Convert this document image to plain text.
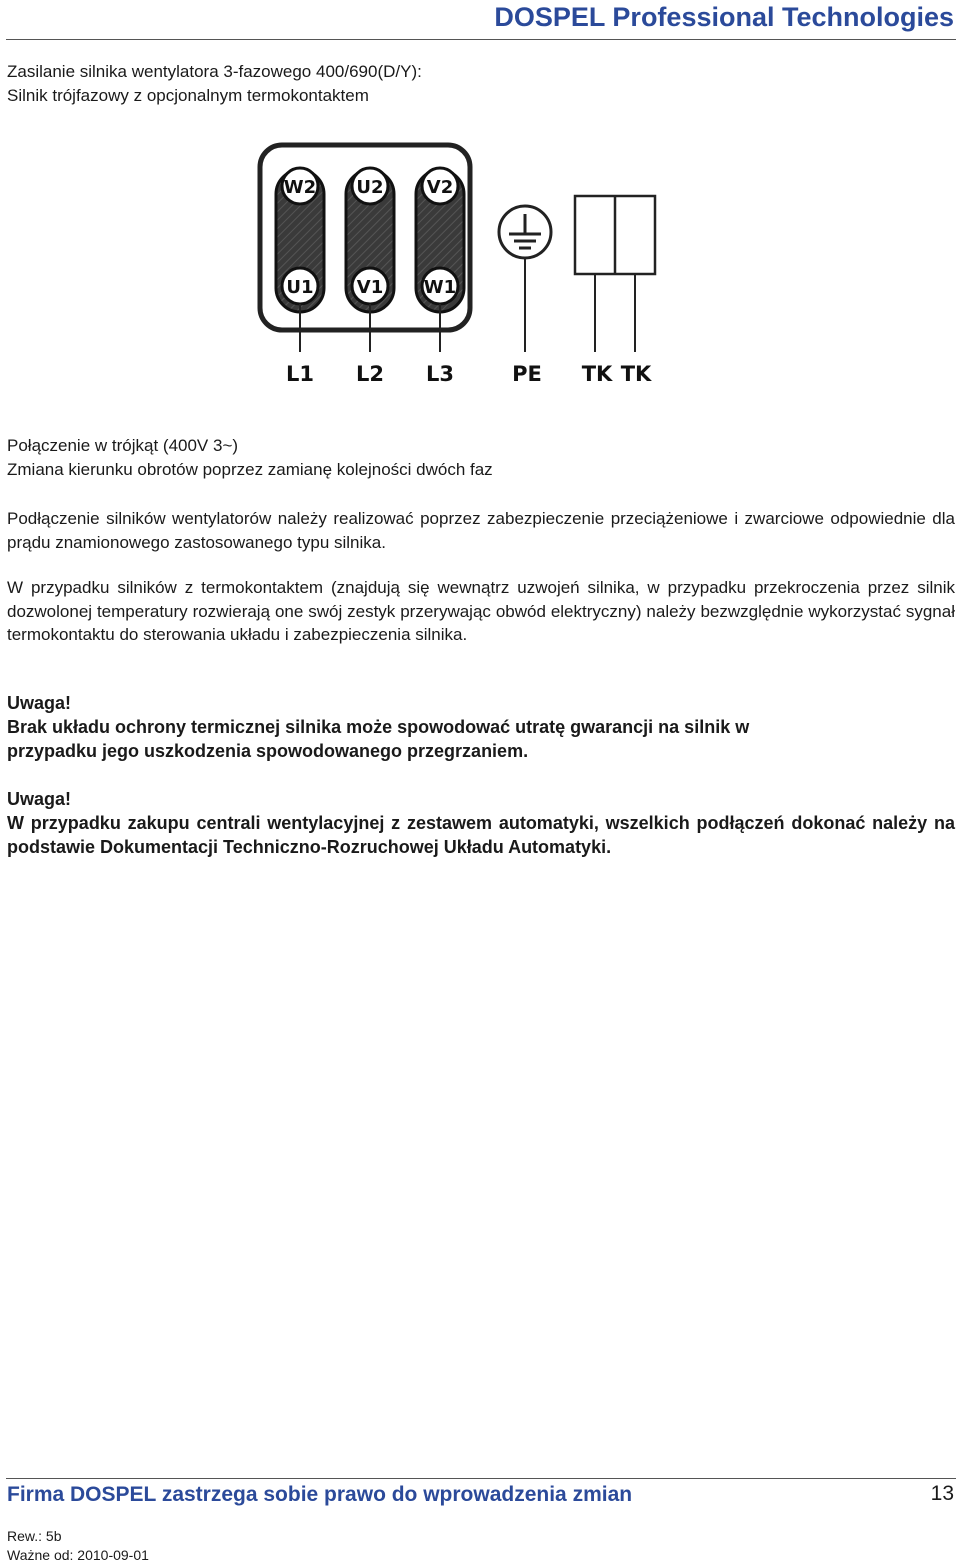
DOSPEL Professional Technologies
Zasilanie silnika wentylatora 3-fazowego 400/690(D/Y):
Silnik trójfazowy z opcjonalnym termokontaktem
W2
U1
U2
V1
V2
W1
L1 L2 L3	PE TK TK
Połączenie w trójkąt (400V 3~)
Zmiana kierunku obrotów poprzez zamianę kolejności dwóch faz
Podłączenie silników wentylatorów należy realizować poprzez zabezpieczenie przeciążeniowe i zwarciowe odpowiednie dla prądu znamionowego zastosowanego typu silnika.
W przypadku silników z termokontaktem (znajdują się wewnątrz uzwojeń silnika, w przypadku przekroczenia przez silnik dozwolonej temperatury rozwierają one swój zestyk przerywając obwód elektryczny) należy bezwzględnie wykorzystać sygnał termokontaktu do sterowania układu i zabezpieczenia silnika.
Uwaga!
Brak układu ochrony termicznej silnika może spowodować utratę gwarancji na silnik w przypadku jego uszkodzenia spowodowanego przegrzaniem.
Uwaga!
W przypadku zakupu centrali wentylacyjnej z zestawem automatyki, wszelkich podłączeń dokonać należy na podstawie Dokumentacji Techniczno-Rozruchowej Układu Automatyki.
Firma DOSPEL zastrzega sobie prawo do wprowadzenia zmian	13
Rew.: 5b
Ważne od: 2010-09-01
